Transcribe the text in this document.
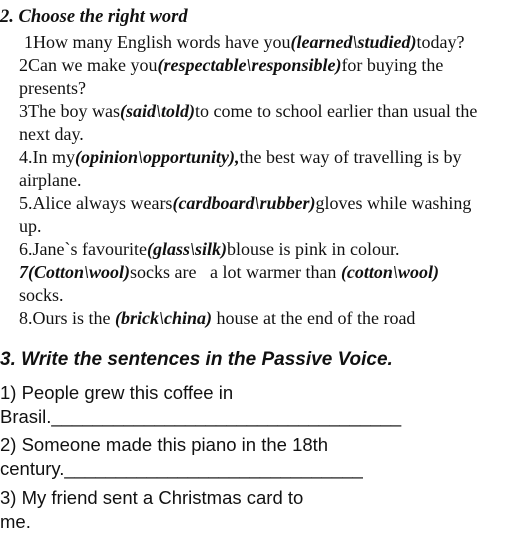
2. Choose the right word
1How many English words have you(learned\studied)today?
2Can we make you(respectable\responsible)for buying the
presents?
3The boy was(said\told)to come to school earlier than usual the
next day.
4.In my(opinion\opportunity),the best way of travelling is by
airplane.
5.Alice always wears(cardboard\rubber)gloves while washing
up.
6.Jane`s favourite(glass\silk)blouse is pink in colour.
7(Cotton\wool)socks are   a lot warmer than (cotton\wool)
socks.
8.Ours is the (brick\china) house at the end of the road
3. Write the sentences in the Passive Voice.
1) People grew this coffee in
Brasil.__________________________________
2) Someone made this piano in the 18th
century._____________________________
3) My friend sent a Christmas card to
me.
